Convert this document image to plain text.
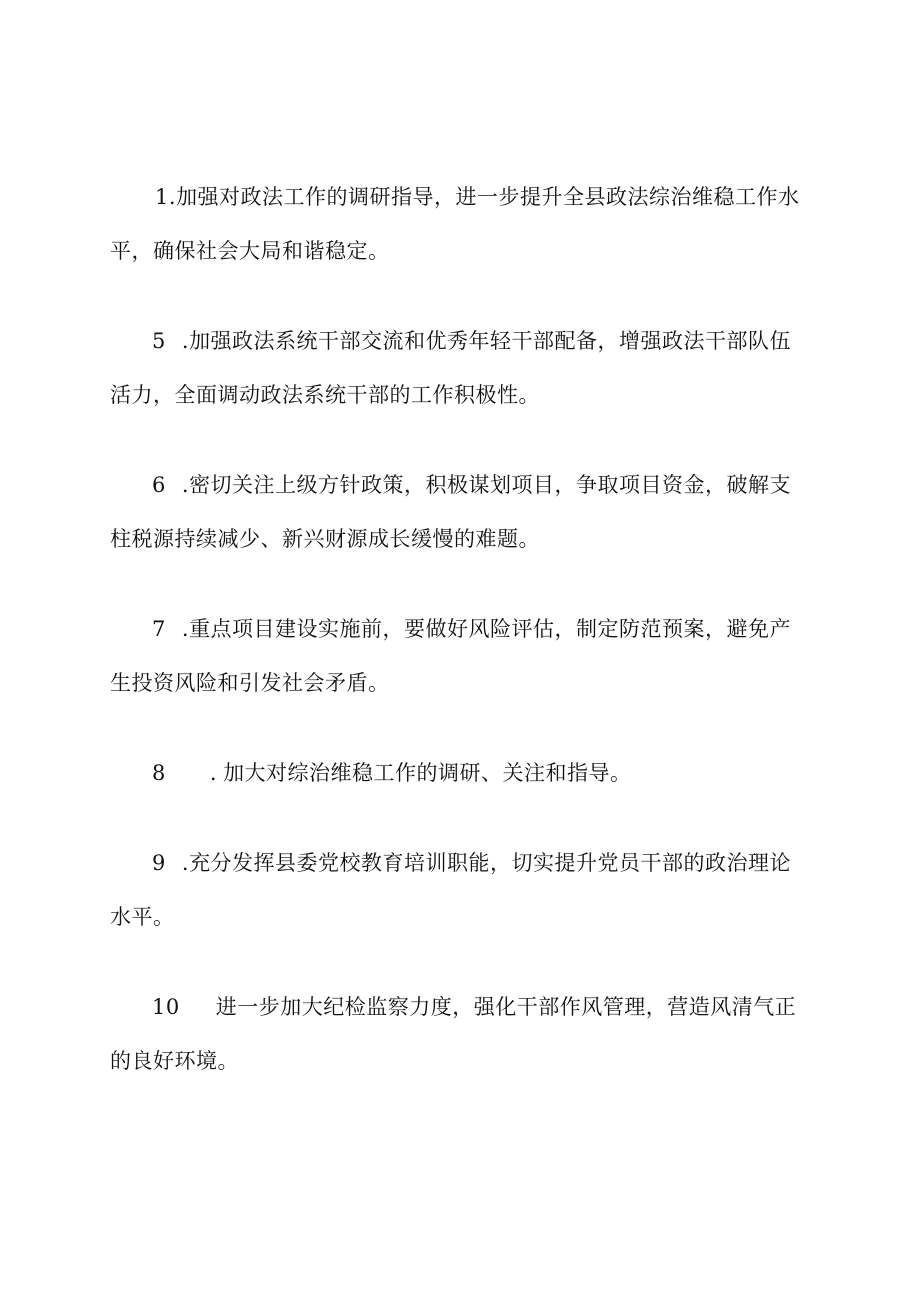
1.加强对政法工作的调研指导，进一步提升全县政法综治维稳工作水平，确保社会大局和谐稳定。

5 .加强政法系统干部交流和优秀年轻干部配备，增强政法干部队伍活力，全面调动政法系统干部的工作积极性。

6 .密切关注上级方针政策，积极谋划项目，争取项目资金，破解支柱税源持续减少、新兴财源成长缓慢的难题。

7 .重点项目建设实施前，要做好风险评估，制定防范预案，避免产生投资风险和引发社会矛盾。

8 . 加大对综治维稳工作的调研、关注和指导。

9 .充分发挥县委党校教育培训职能，切实提升党员干部的政治理论水平。

10 进一步加大纪检监察力度，强化干部作风管理，营造风清气正的良好环境。
